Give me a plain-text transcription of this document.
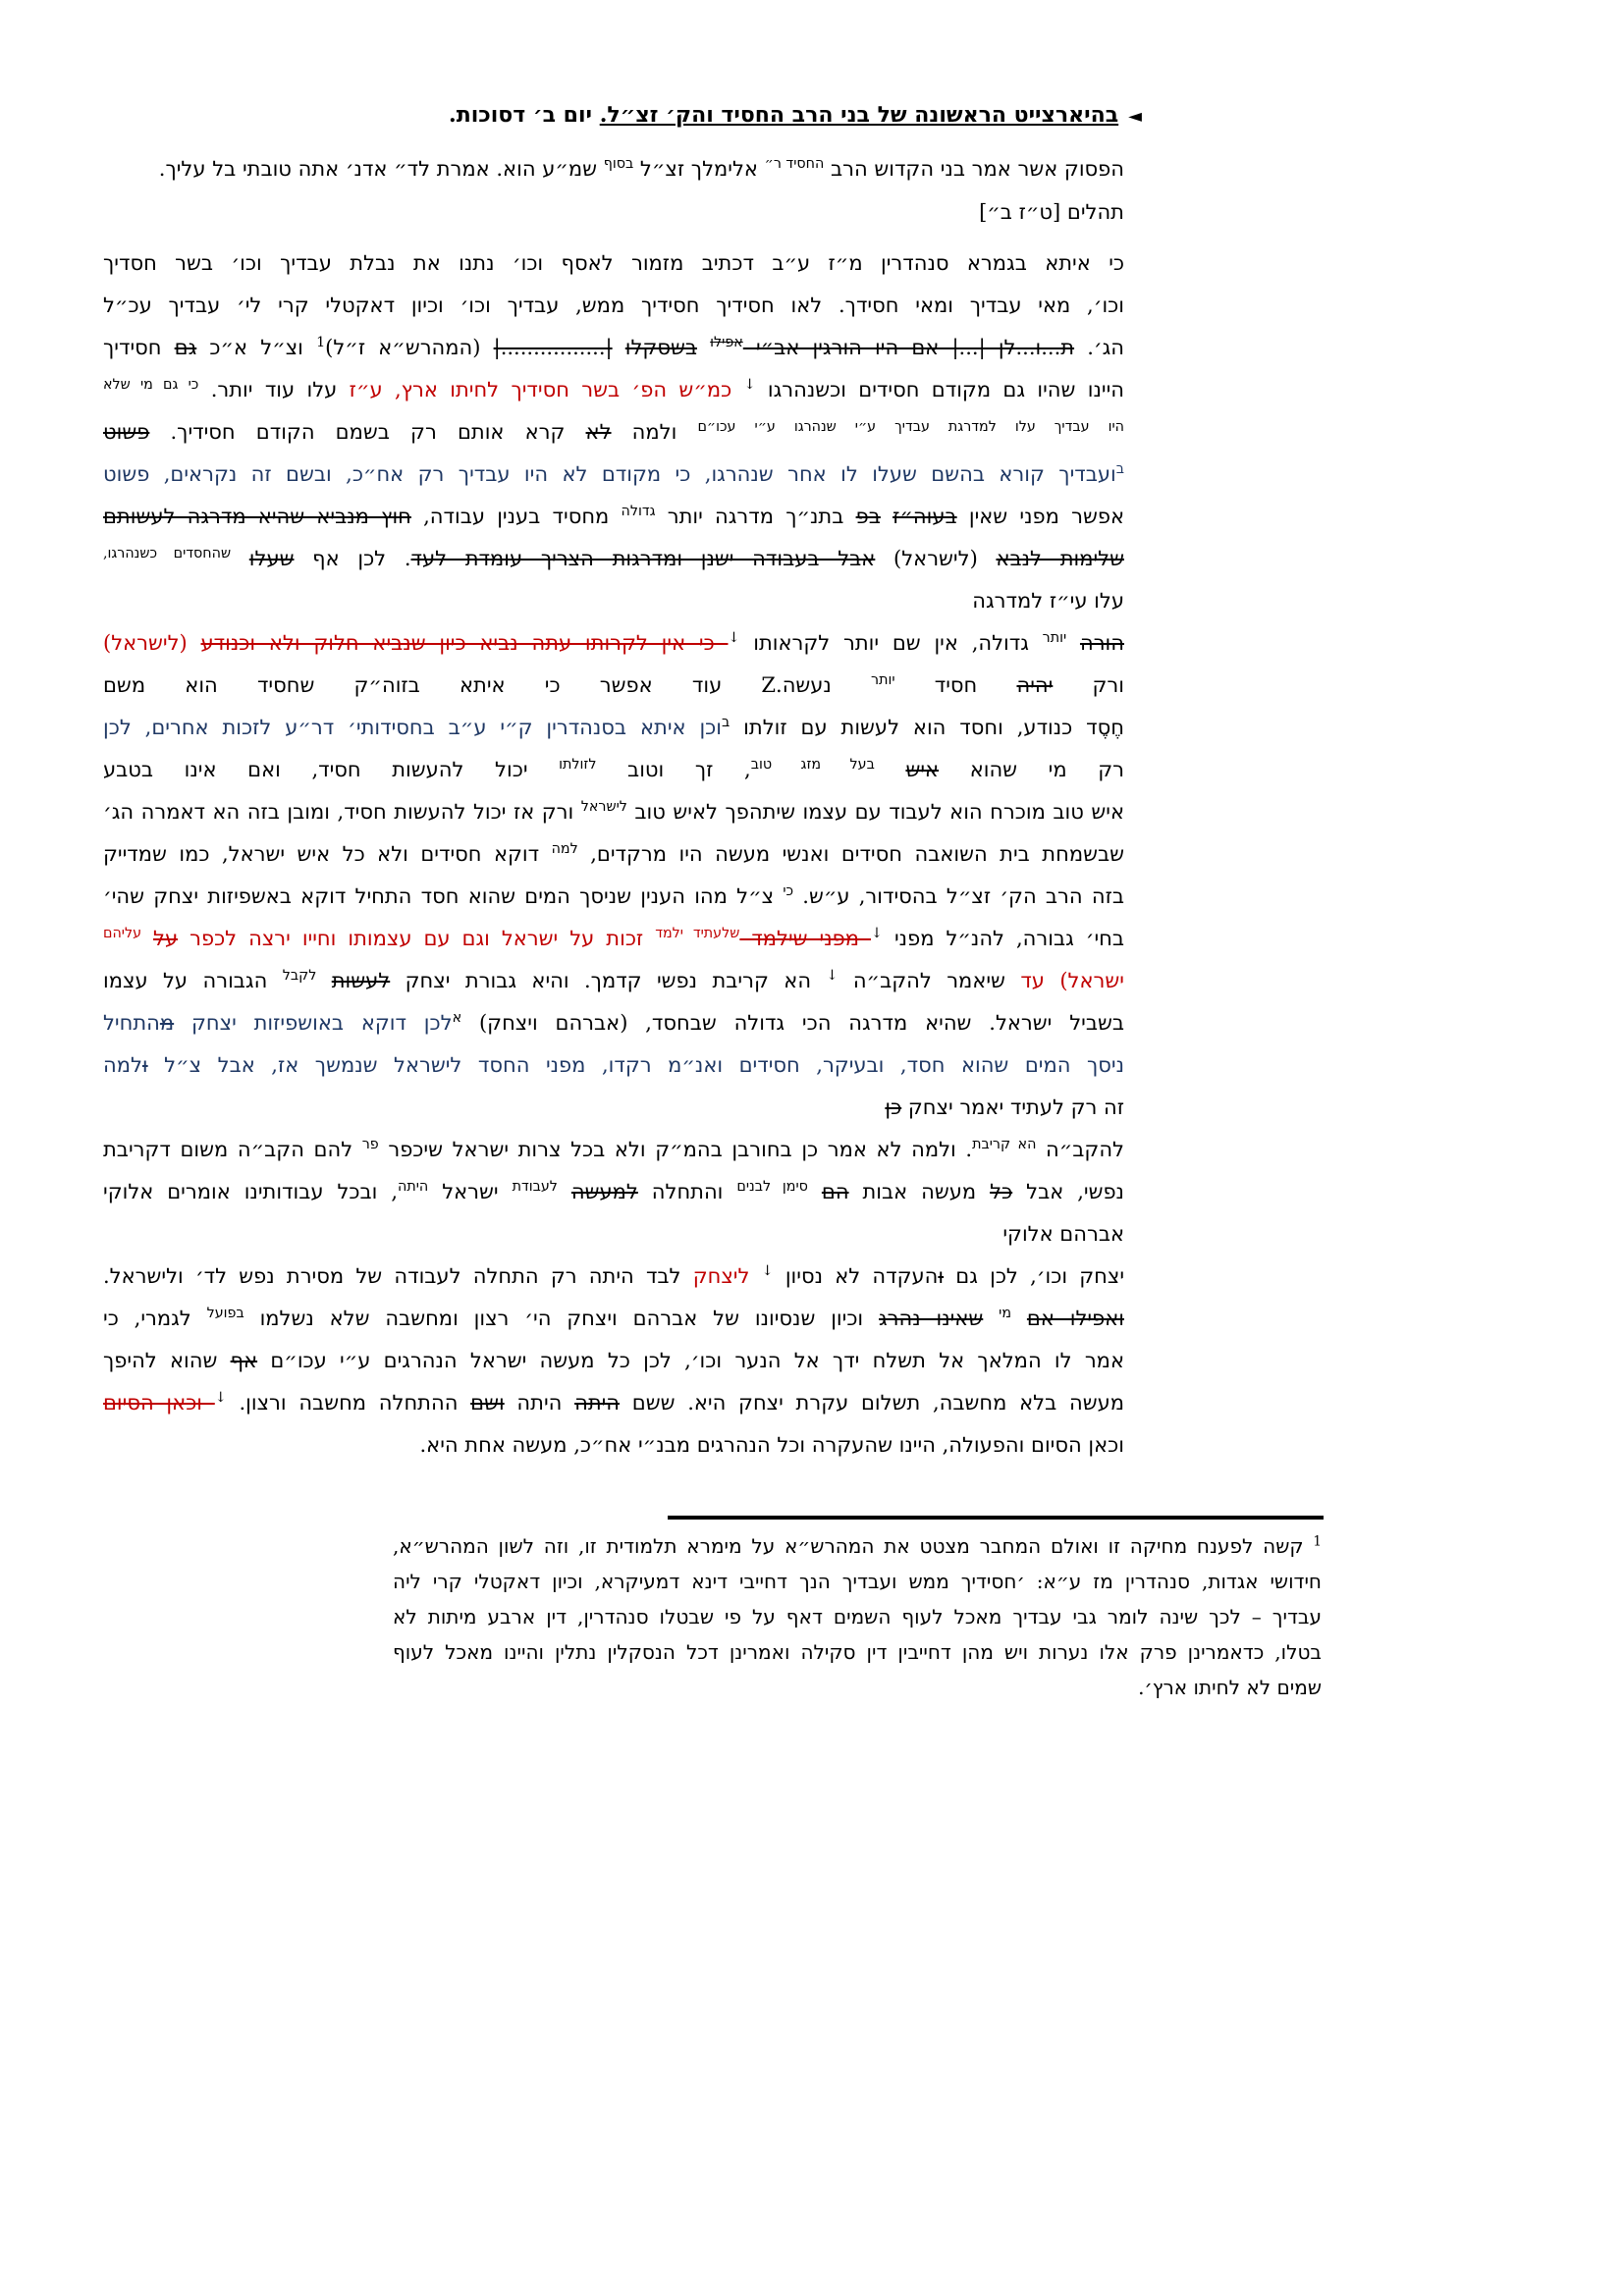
◄בהיארצייט הראשונה של בני הרב החסיד והק׳ זצ״ל. יום ב׳ דסוכות.
הפסוק אשר אמר בני הקדוש הרב $^{החסיד ר״}$ אלימלך זצ״ל $^{בסוף}$ שמ״ע הוא. אמרת לד״ אדנ׳ אתה טובתי בל עליך.
תהלים [ט״ז ב״]
כי איתא בגמרא סנהדרין מ״ז ע״ב דכתיב מזמור לאסף וכו׳ נתנו את נבלת עבדיך וכו׳ בשר חסדיך
וכו׳, מאי עבדיך ומאי חסידך. לאו חסידיך חסידיך ממש, עבדיך וכו׳ וכיון דאקטלי קרי לי׳ עבדיך עכ״ל
הג׳. ת...ו...לן |...| אם היו הורגין אב״י $^{אפילו}$ בשסקלו |................| (המהרש״א ז״ל)$^1$ וצ״ל א״כ גם חסידיך
היינו שהיו גם מקודם חסידים וכשנהרגו ↓ כמ״ש הפ׳ בשר חסידיך לחיתו ארץ, ע״ז עלו עוד יותר. $^{כי גם מי שלא}$
$^{היו עבדיך עלו למדרגת עבדיך ע״י שנהרגו ע״י עכו״ם}$ ולמה לא קרא אותם רק בשמם הקודם חסידיך. פשוט
$^ב$ועבדיך קורא בהשם שעלו לו אחר שנהרגו, כי מקודם לא היו עבדיך רק אח״כ, ובשם זה נקראים, פשוט
אפשר מפני שאין בעוה״ז בפ בתנ״ך מדרגה יותר $^{גדולה}$ מחסיד בענין עבודה, חוץ מנביא שהיא מדרגה לעשותם
שלימות לנבא (לישראל) אבל בעבודה ישנן ומדרגות הצריך עומדת לעד. לכן אף שעלו $^{שהחסדים כשנהרגו,}$
עלו עי״ז למדרגה
הורה $^{יותר}$ גדולה, אין שם יותר לקראותו ↓ כי אין לקרותו עתה נביא כיון שנביא חלוק ולא וכנודע (לישראל)
ורק יהיה חסיד $^{יותר}$ נעשה.Z עוד אפשר כי איתא בזוה״ק שחסיד הוא משם
חֶסֶד כנודע, וחסד הוא לעשות עם זולתו $^ב$וכן איתא בסנהדרין ק״י ע״ב בחסידותי׳ דר״ע לזכות אחרים, לכן
רק מי שהוא איש $^{בעל מזג טוב}$, זך וטוב $^{לזולתו}$ יכול להעשות חסיד, ואם אינו בטבע
איש טוב מוכרח הוא לעבוד עם עצמו שיתהפך לאיש טוב $^{לישראל}$ ורק אז יכול להעשות חסיד, ומובן בזה הא דאמרה הג׳
שבשמחת בית השואבה חסידים ואנשי מעשה היו מרקדים, $^{למה}$ דוקא חסידים ולא כל איש ישראל, כמו שמדייק
בזה הרב הק׳ זצ״ל בהסידור, ע״ש. $^{כי}$ צ״ל מהו הענין שניסך המים שהוא חסד התחיל דוקא באשפיזות יצחק שהי׳
בחי׳ גבורה, להנ״ל מפני ↓ מפני שילמד $^{שלעתיד ילמד}$ זכות על ישראל וגם עם עצמותו וחייו ירצה לכפר על $^{עליהם}$
ישראל) עד שיאמר להקב״ה ↓ הא קריבת נפשי קדמך. והיא גבורת יצחק לעשות $^{לקבל}$ הגבורה על עצמו
בשביל ישראל. שהיא מדרגה הכי גדולה שבחסד, (אברהם ויצחק) $^א$לכן דוקא באושפיזות יצחק מהתחיל
ניסך המים שהוא חסד, ובעיקר, חסידים ואנ״מ רקדו, מפני החסד לישראל שנמשך אז, אבל צ״ל ולמה
זה רק לעתיד יאמר יצחק כן
להקב״ה $^{הא קריבת}$. ולמה לא אמר כן בחורבן בהמ״ק ולא בכל צרות ישראל שיכפר $^{פר}$ להם הקב״ה משום דקריבת
נפשי, אבל כל מעשה אבות הם $^{סימן לבנים}$ והתחלה למעשה $^{לעבודת}$ ישראל $^{היתה}$, ובכל עבודותינו אומרים אלוקי
אברהם אלוקי
יצחק וכו׳, לכן גם והעקדה לא נסיון ↓ ליצחק לבד היתה רק התחלה לעבודה של מסירת נפש לד׳ ולישראל.
ואפילו אם $^{מי}$ שאינו נהרג וכיון שנסיונו של אברהם ויצחק הי׳ רצון ומחשבה שלא נשלמו $^{בפועל}$ לגמרי, כי
אמר לו המלאך אל תשלח ידך אל הנער וכו׳, לכן כל מעשה ישראל הנהרגים ע״י עכו״ם אף שהוא להיפך
מעשה בלא מחשבה, תשלום עקרת יצחק היא. ששם היתה היתה ושם ההתחלה מחשבה ורצון. ↓ וכאן הסיום
וכאן הסיום והפעולה, היינו שהעקרה וכל הנהרגים מבנ״י אח״כ, מעשה אחת היא.
$^1$ קשה לפענח מחיקה זו ואולם המחבר מצטט את המהרש״א על מימרא תלמודית זו, וזה לשון המהרש״א,
חידושי אגדות, סנהדרין מז ע״א: ׳חסידיך ממש ועבדיך הנך דחייבי דינא דמעיקרא, וכיון דאקטלי קרי ליה
עבדיך – לכך שינה לומר גבי עבדיך מאכל לעוף השמים דאף על פי שבטלו סנהדרין, דין ארבע מיתות לא
בטלו, כדאמרינן פרק אלו נערות ויש מהן דחייבין דין סקילה ואמרינן דכל הנסקלין נתלין והיינו מאכל לעוף
שמים לא לחיתו ארץ׳.
